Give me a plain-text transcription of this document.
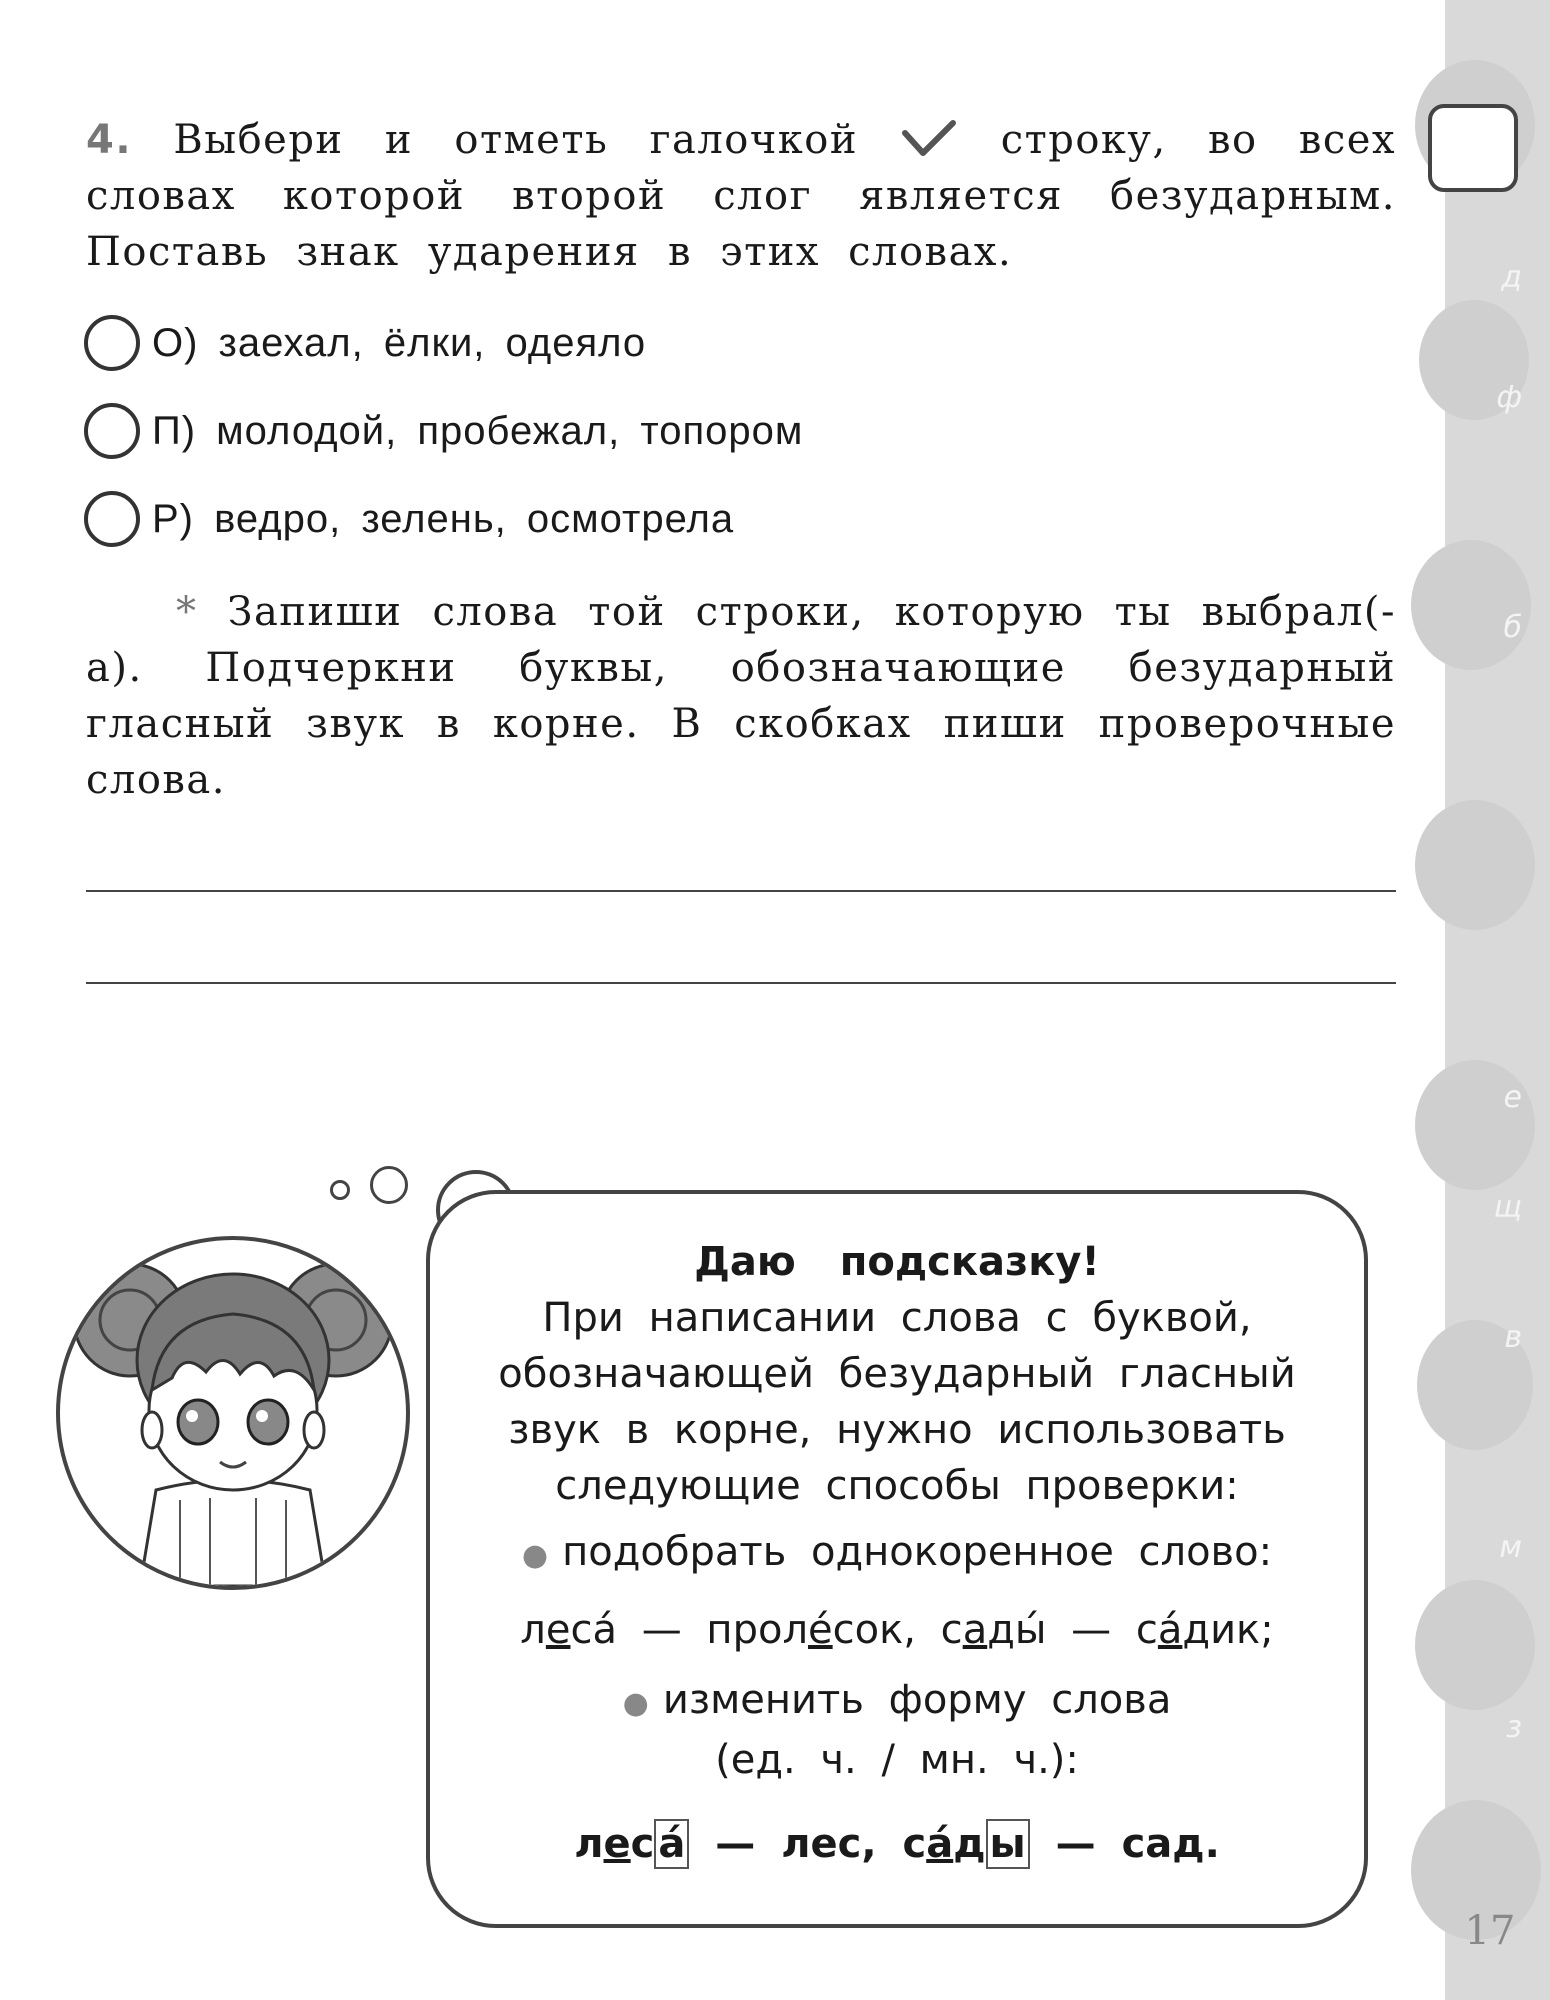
д
ф
б
е
щ
в
м
з
4. Выбери и отметь галочкой	строку, во всех словах которой второй слог является безударным. Поставь знак ударения в этих словах.
О) заехал, ёлки, одеяло
П) молодой, пробежал, топором
Р) ведро, зелень, осмотрела
* Запиши слова той строки, которую ты выбрал(-а). Подчеркни буквы, обозначающие безударный гласный звук в корне. В скобках пиши проверочные слова.
Даю подсказку!
При написании слова с буквой, обозначающей безударный гласный звук в корне, нужно использовать следующие способы проверки:
● подобрать однокоренное слово:
леса́ — проле́сок, сады́ — са́дик;
● изменить форму слова
(ед. ч. / мн. ч.):
лес а́ — лес, са́д ы — сад.
17
